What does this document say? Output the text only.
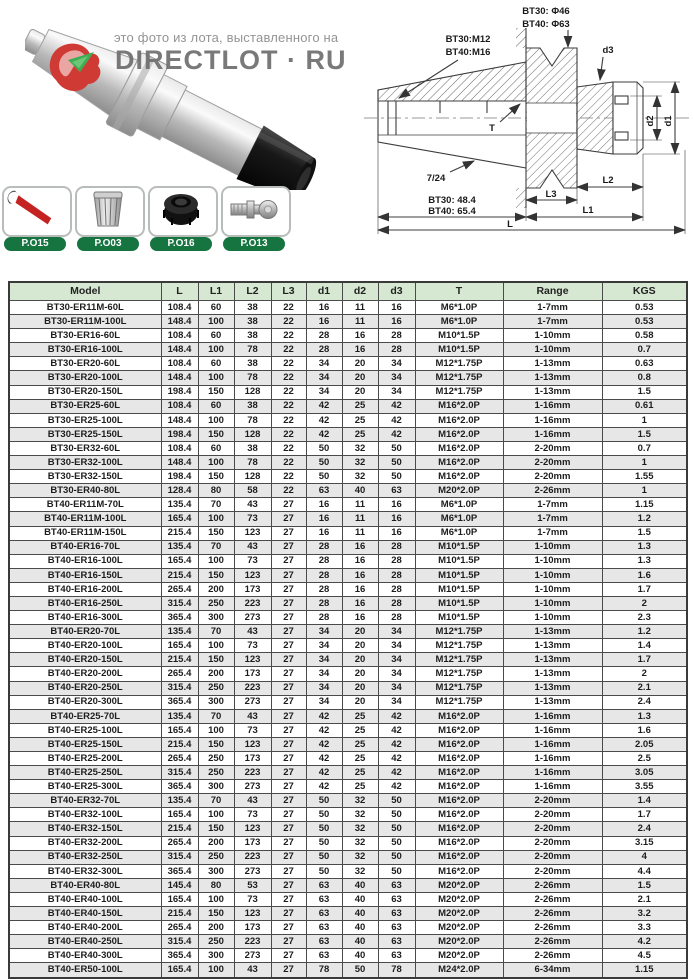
это фото из лота, выставленного на
DIRECTLOT · RU
BT30: Φ46
BT40: Φ63
BT30:M12
BT40:M16	d3
d2 d1
T
7/24
BT30: 48.4
BT40: 65.4
L3
L2
L1
L
P.O15	P.O03	P.O16	P.O13
Model	L	L1	L2	L3	d1	d2	d3	T	Range	KGS
BT30-ER11M-60L	108.4	60	38	22	16	11	16	M6*1.0P	1-7mm	0.53
BT30-ER11M-100L	148.4	100	38	22	16	11	16	M6*1.0P	1-7mm	0.53
BT30-ER16-60L	108.4	60	38	22	28	16	28	M10*1.5P	1-10mm	0.58
BT30-ER16-100L	148.4	100	78	22	28	16	28	M10*1.5P	1-10mm	0.7
BT30-ER20-60L	108.4	60	38	22	34	20	34	M12*1.75P	1-13mm	0.63
BT30-ER20-100L	148.4	100	78	22	34	20	34	M12*1.75P	1-13mm	0.8
BT30-ER20-150L	198.4	150	128	22	34	20	34	M12*1.75P	1-13mm	1.5
BT30-ER25-60L	108.4	60	38	22	42	25	42	M16*2.0P	1-16mm	0.61
BT30-ER25-100L	148.4	100	78	22	42	25	42	M16*2.0P	1-16mm	1
BT30-ER25-150L	198.4	150	128	22	42	25	42	M16*2.0P	1-16mm	1.5
BT30-ER32-60L	108.4	60	38	22	50	32	50	M16*2.0P	2-20mm	0.7
BT30-ER32-100L	148.4	100	78	22	50	32	50	M16*2.0P	2-20mm	1
BT30-ER32-150L	198.4	150	128	22	50	32	50	M16*2.0P	2-20mm	1.55
BT30-ER40-80L	128.4	80	58	22	63	40	63	M20*2.0P	2-26mm	1
BT40-ER11M-70L	135.4	70	43	27	16	11	16	M6*1.0P	1-7mm	1.15
BT40-ER11M-100L	165.4	100	73	27	16	11	16	M6*1.0P	1-7mm	1.2
BT40-ER11M-150L	215.4	150	123	27	16	11	16	M6*1.0P	1-7mm	1.5
BT40-ER16-70L	135.4	70	43	27	28	16	28	M10*1.5P	1-10mm	1.3
BT40-ER16-100L	165.4	100	73	27	28	16	28	M10*1.5P	1-10mm	1.3
BT40-ER16-150L	215.4	150	123	27	28	16	28	M10*1.5P	1-10mm	1.6
BT40-ER16-200L	265.4	200	173	27	28	16	28	M10*1.5P	1-10mm	1.7
BT40-ER16-250L	315.4	250	223	27	28	16	28	M10*1.5P	1-10mm	2
BT40-ER16-300L	365.4	300	273	27	28	16	28	M10*1.5P	1-10mm	2.3
BT40-ER20-70L	135.4	70	43	27	34	20	34	M12*1.75P	1-13mm	1.2
BT40-ER20-100L	165.4	100	73	27	34	20	34	M12*1.75P	1-13mm	1.4
BT40-ER20-150L	215.4	150	123	27	34	20	34	M12*1.75P	1-13mm	1.7
BT40-ER20-200L	265.4	200	173	27	34	20	34	M12*1.75P	1-13mm	2
BT40-ER20-250L	315.4	250	223	27	34	20	34	M12*1.75P	1-13mm	2.1
BT40-ER20-300L	365.4	300	273	27	34	20	34	M12*1.75P	1-13mm	2.4
BT40-ER25-70L	135.4	70	43	27	42	25	42	M16*2.0P	1-16mm	1.3
BT40-ER25-100L	165.4	100	73	27	42	25	42	M16*2.0P	1-16mm	1.6
BT40-ER25-150L	215.4	150	123	27	42	25	42	M16*2.0P	1-16mm	2.05
BT40-ER25-200L	265.4	250	173	27	42	25	42	M16*2.0P	1-16mm	2.5
BT40-ER25-250L	315.4	250	223	27	42	25	42	M16*2.0P	1-16mm	3.05
BT40-ER25-300L	365.4	300	273	27	42	25	42	M16*2.0P	1-16mm	3.55
BT40-ER32-70L	135.4	70	43	27	50	32	50	M16*2.0P	2-20mm	1.4
BT40-ER32-100L	165.4	100	73	27	50	32	50	M16*2.0P	2-20mm	1.7
BT40-ER32-150L	215.4	150	123	27	50	32	50	M16*2.0P	2-20mm	2.4
BT40-ER32-200L	265.4	200	173	27	50	32	50	M16*2.0P	2-20mm	3.15
BT40-ER32-250L	315.4	250	223	27	50	32	50	M16*2.0P	2-20mm	4
BT40-ER32-300L	365.4	300	273	27	50	32	50	M16*2.0P	2-20mm	4.4
BT40-ER40-80L	145.4	80	53	27	63	40	63	M20*2.0P	2-26mm	1.5
BT40-ER40-100L	165.4	100	73	27	63	40	63	M20*2.0P	2-26mm	2.1
BT40-ER40-150L	215.4	150	123	27	63	40	63	M20*2.0P	2-26mm	3.2
BT40-ER40-200L	265.4	200	173	27	63	40	63	M20*2.0P	2-26mm	3.3
BT40-ER40-250L	315.4	250	223	27	63	40	63	M20*2.0P	2-26mm	4.2
BT40-ER40-300L	365.4	300	273	27	63	40	63	M20*2.0P	2-26mm	4.5
BT40-ER50-100L	165.4	100	43	27	78	50	78	M24*2.0P	6-34mm	1.15
